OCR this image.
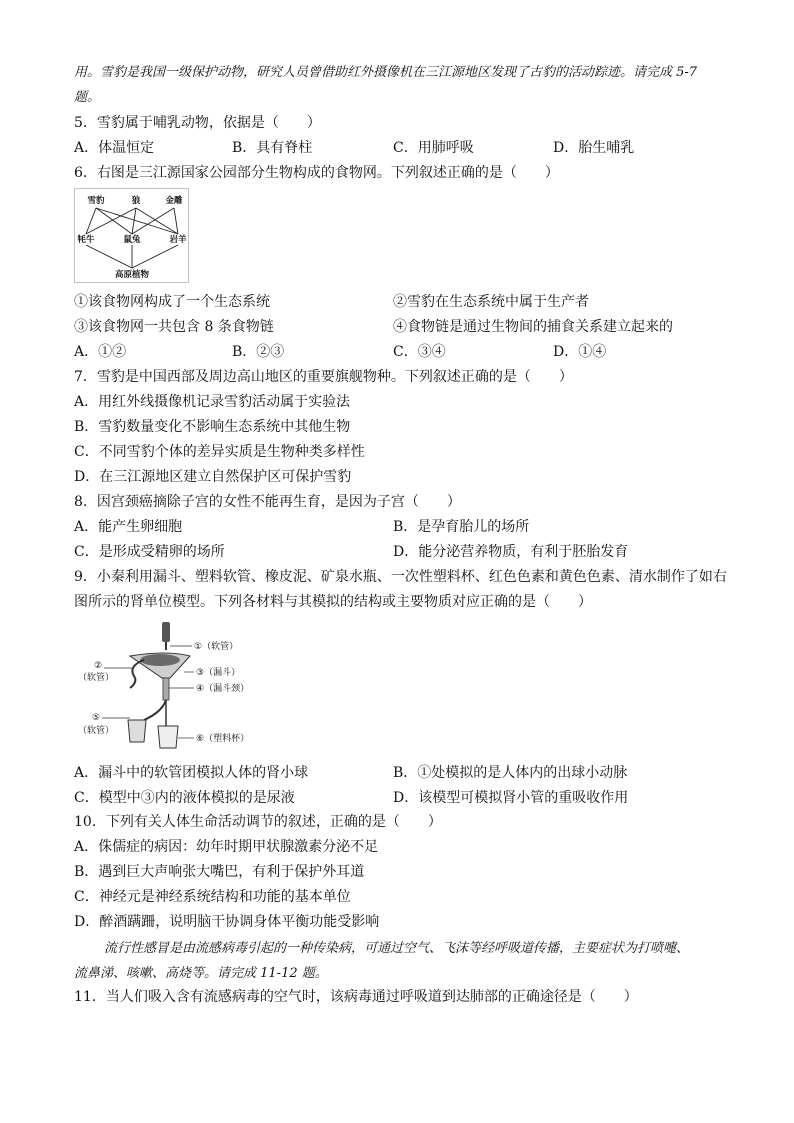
用。雪豹是我国一级保护动物，研究人员曾借助红外摄像机在三江源地区发现了古豹的活动踪迹。请完成 5-7
题。
5．雪豹属于哺乳动物，依据是（　　）
A．体温恒定	B．具有脊柱	C．用肺呼吸	D．胎生哺乳
6．右图是三江源国家公园部分生物构成的食物网。下列叙述正确的是（　　）
雪豹	狼	金雕
牦牛	鼠兔	岩羊
高原植物
①该食物网构成了一个生态系统	②雪豹在生态系统中属于生产者
③该食物网一共包含 8 条食物链	④食物链是通过生物间的捕食关系建立起来的
A．①②	B．②③	C．③④	D．①④
7．雪豹是中国西部及周边高山地区的重要旗舰物种。下列叙述正确的是（　　）
A．用红外线摄像机记录雪豹活动属于实验法
B．雪豹数量变化不影响生态系统中其他生物
C．不同雪豹个体的差异实质是生物种类多样性
D．在三江源地区建立自然保护区可保护雪豹
8．因宫颈癌摘除子宫的女性不能再生育，是因为子宫（　　）
A．能产生卵细胞	B．是孕育胎儿的场所
C．是形成受精卵的场所	D．能分泌营养物质，有利于胚胎发育
9．小秦利用漏斗、塑料软管、橡皮泥、矿泉水瓶、一次性塑料杯、红色色素和黄色色素、清水制作了如右
图所示的肾单位模型。下列各材料与其模拟的结构或主要物质对应正确的是（　　）
①（软管）
②
（软管）	③（漏斗）
④（漏斗颈）
⑤
（软管）
⑥（塑料杯）
A．漏斗中的软管团模拟人体的肾小球	B．①处模拟的是人体内的出球小动脉
C．模型中③内的液体模拟的是尿液	D．该模型可模拟肾小管的重吸收作用
10．下列有关人体生命活动调节的叙述，正确的是（　　）
A．侏儒症的病因：幼年时期甲状腺激素分泌不足
B．遇到巨大声响张大嘴巴，有利于保护外耳道
C．神经元是神经系统结构和功能的基本单位
D．醉酒蹒跚，说明脑干协调身体平衡功能受影响
流行性感冒是由流感病毒引起的一种传染病，可通过空气、飞沫等经呼吸道传播，主要症状为打喷嚏、
流鼻涕、咳嗽、高烧等。请完成 11-12 题。
11．当人们吸入含有流感病毒的空气时，该病毒通过呼吸道到达肺部的正确途径是（　　）
